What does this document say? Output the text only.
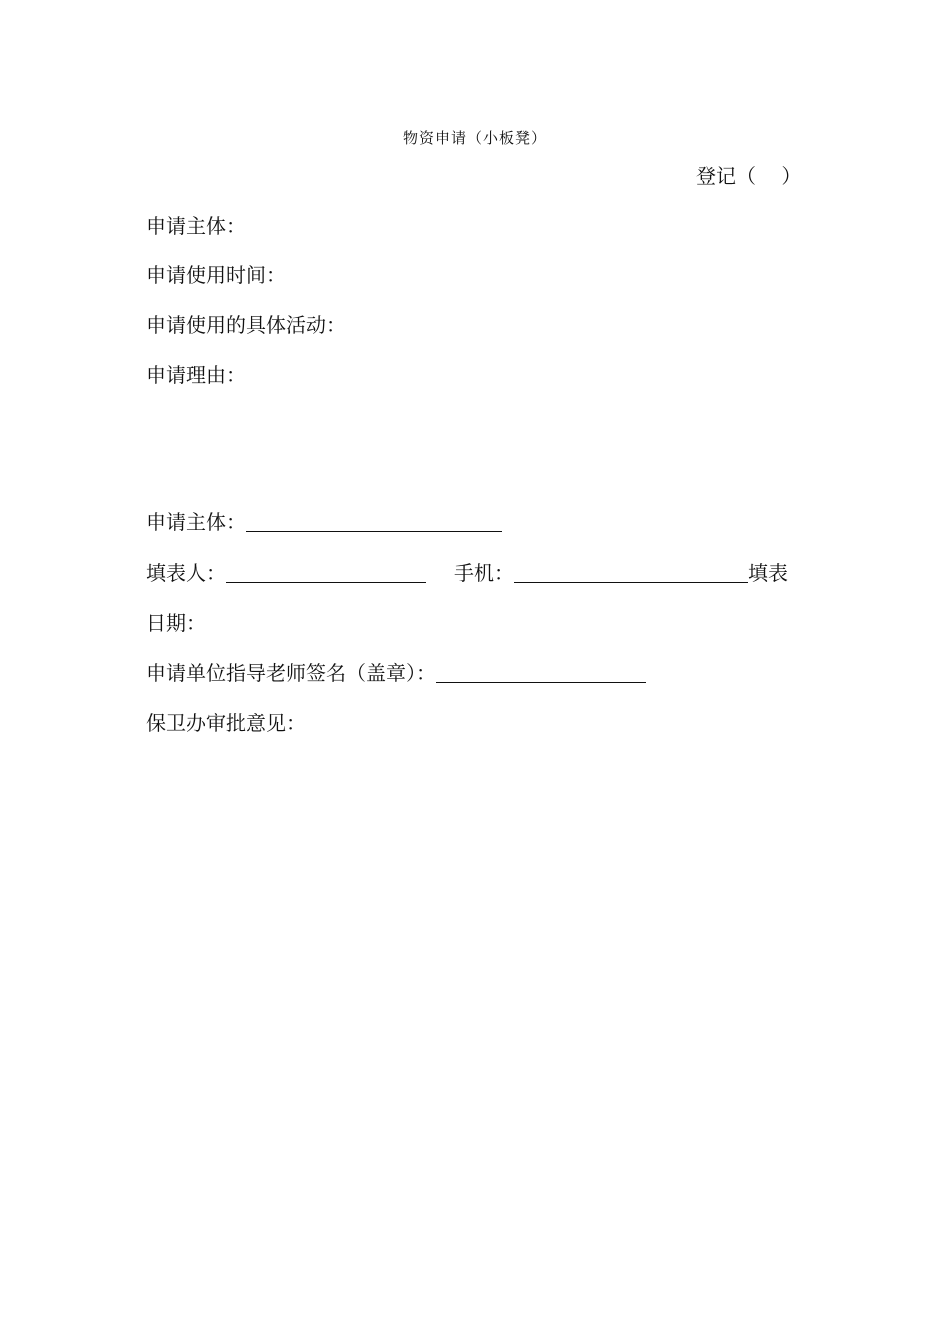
物资申请（小板凳）
登记（    ）
申请主体：
申请使用时间：
申请使用的具体活动：
申请理由：
申请主体：
填表人：	手机：	填表
日期：
申请单位指导老师签名（盖章）：
保卫办审批意见：
